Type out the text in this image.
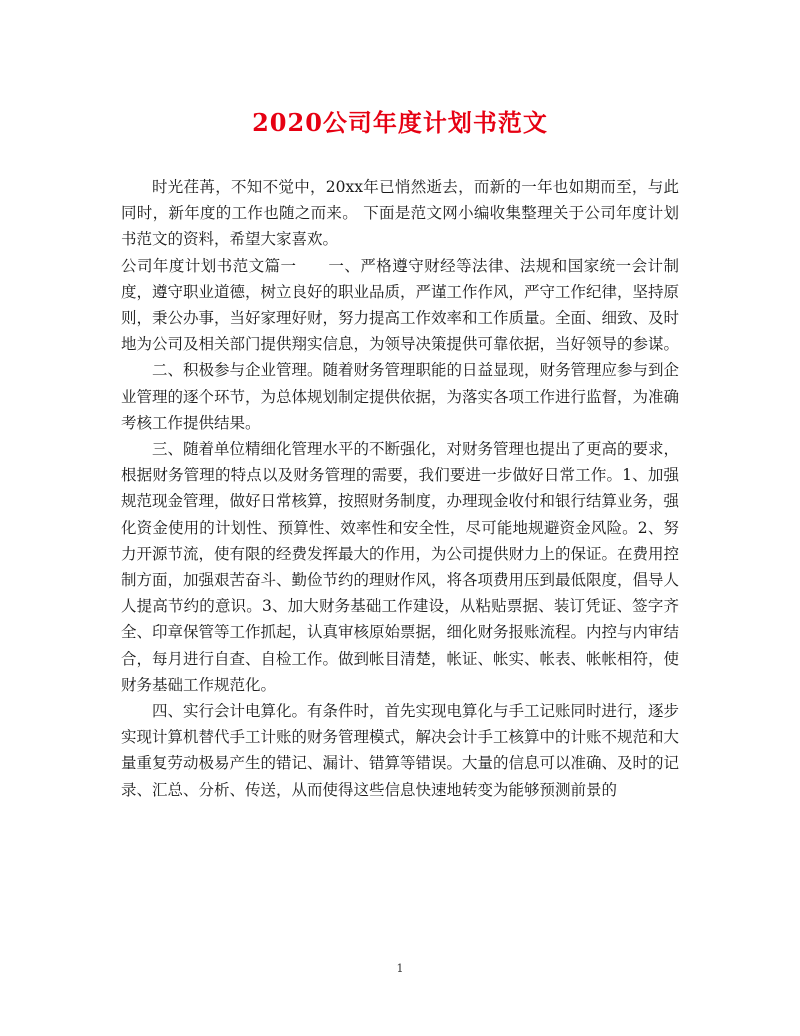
2020公司年度计划书范文

时光荏苒，不知不觉中，20xx年已悄然逝去，而新的一年也如期而至，与此同时，新年度的工作也随之而来。 下面是范文网小编收集整理关于公司年度计划书范文的资料，希望大家喜欢。

公司年度计划书范文篇一　　一、严格遵守财经等法律、法规和国家统一会计制度，遵守职业道德，树立良好的职业品质，严谨工作作风，严守工作纪律，坚持原则，秉公办事，当好家理好财，努力提高工作效率和工作质量。全面、细致、及时地为公司及相关部门提供翔实信息，为领导决策提供可靠依据，当好领导的参谋。

二、积极参与企业管理。随着财务管理职能的日益显现，财务管理应参与到企业管理的逐个环节，为总体规划制定提供依据，为落实各项工作进行监督，为准确考核工作提供结果。

三、随着单位精细化管理水平的不断强化，对财务管理也提出了更高的要求，根据财务管理的特点以及财务管理的需要，我们要进一步做好日常工作。1、加强规范现金管理，做好日常核算，按照财务制度，办理现金收付和银行结算业务，强化资金使用的计划性、预算性、效率性和安全性，尽可能地规避资金风险。2、努力开源节流，使有限的经费发挥最大的作用，为公司提供财力上的保证。在费用控制方面，加强艰苦奋斗、勤俭节约的理财作风，将各项费用压到最低限度，倡导人人提高节约的意识。3、加大财务基础工作建设，从粘贴票据、装订凭证、签字齐全、印章保管等工作抓起，认真审核原始票据，细化财务报账流程。内控与内审结合，每月进行自查、自检工作。做到帐目清楚，帐证、帐实、帐表、帐帐相符，使财务基础工作规范化。

四、实行会计电算化。有条件时，首先实现电算化与手工记账同时进行，逐步实现计算机替代手工计账的财务管理模式，解决会计手工核算中的计账不规范和大量重复劳动极易产生的错记、漏计、错算等错误。大量的信息可以准确、及时的记录、汇总、分析、传送，从而使得这些信息快速地转变为能够预测前景的

1
